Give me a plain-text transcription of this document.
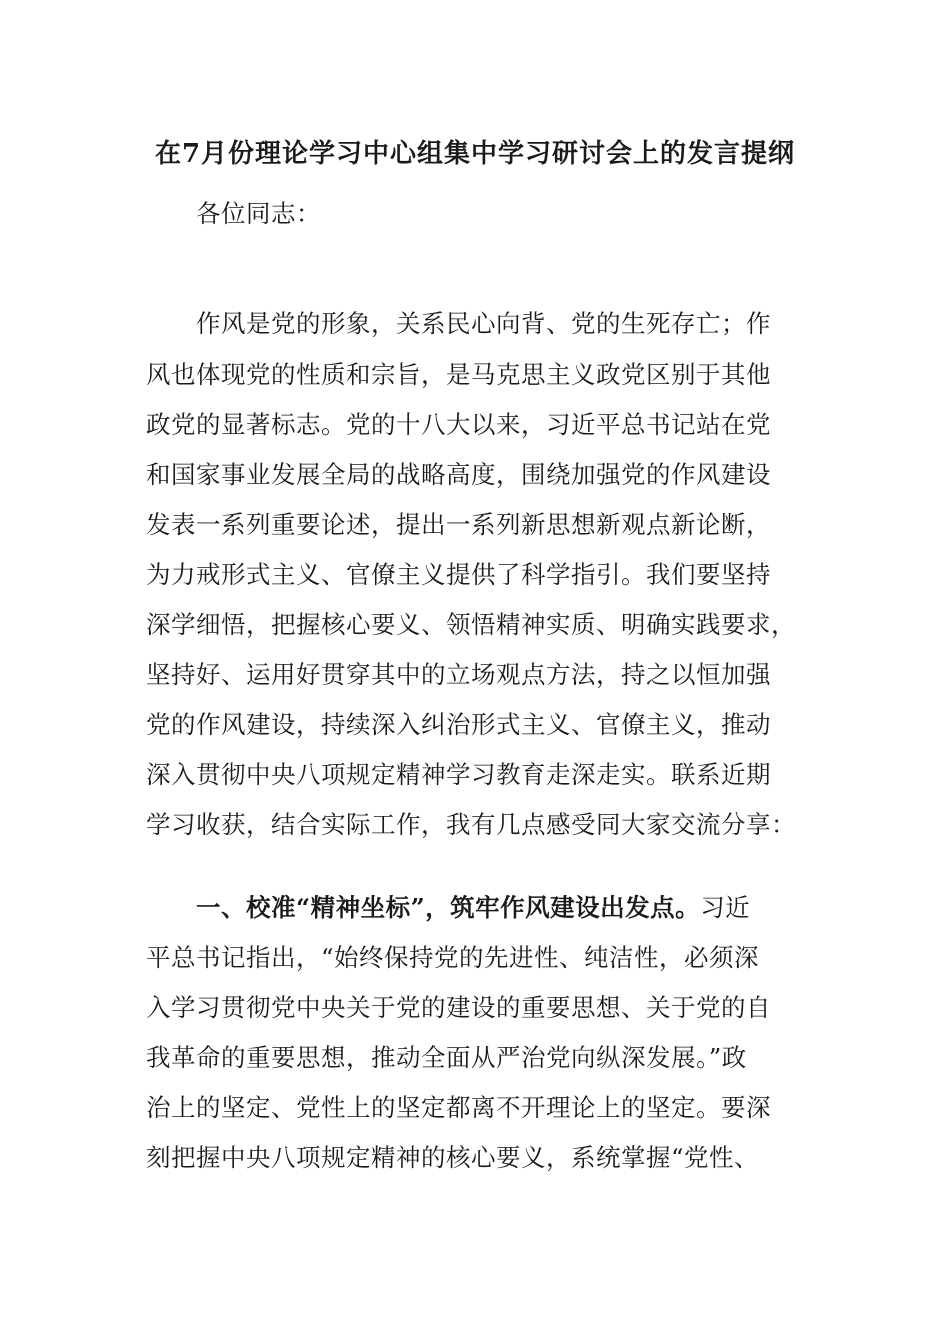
在7月份理论学习中心组集中学习研讨会上的发言提纲
各位同志：
作风是党的形象，关系民心向背、党的生死存亡；作
风也体现党的性质和宗旨，是马克思主义政党区别于其他
政党的显著标志。党的十八大以来，习近平总书记站在党
和国家事业发展全局的战略高度，围绕加强党的作风建设
发表一系列重要论述，提出一系列新思想新观点新论断，
为力戒形式主义、官僚主义提供了科学指引。我们要坚持
深学细悟，把握核心要义、领悟精神实质、明确实践要求，
坚持好、运用好贯穿其中的立场观点方法，持之以恒加强
党的作风建设，持续深入纠治形式主义、官僚主义，推动
深入贯彻中央八项规定精神学习教育走深走实。联系近期
学习收获，结合实际工作，我有几点感受同大家交流分享：
一、校准“精神坐标”，筑牢作风建设出发点。习近
平总书记指出，“始终保持党的先进性、纯洁性，必须深
入学习贯彻党中央关于党的建设的重要思想、关于党的自
我革命的重要思想，推动全面从严治党向纵深发展。”政
治上的坚定、党性上的坚定都离不开理论上的坚定。要深
刻把握中央八项规定精神的核心要义，系统掌握“党性、
